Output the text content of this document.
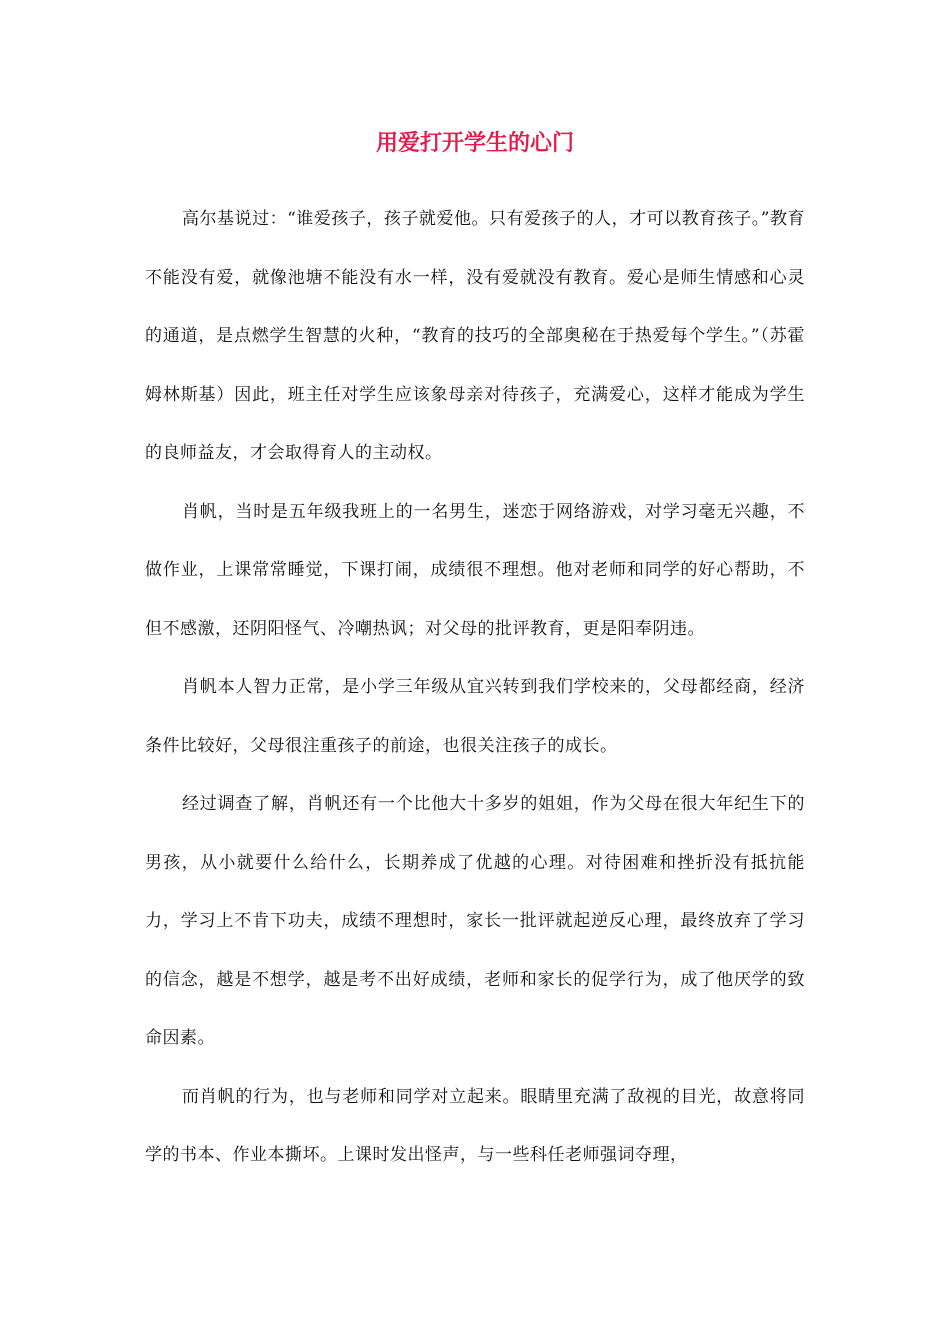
用爱打开学生的心门

高尔基说过：“谁爱孩子，孩子就爱他。只有爱孩子的人，才可以教育孩子。”教育不能没有爱，就像池塘不能没有水一样，没有爱就没有教育。爱心是师生情感和心灵的通道，是点燃学生智慧的火种，“教育的技巧的全部奥秘在于热爱每个学生。”（苏霍姆林斯基）因此，班主任对学生应该象母亲对待孩子，充满爱心，这样才能成为学生的良师益友，才会取得育人的主动权。

肖帆，当时是五年级我班上的一名男生，迷恋于网络游戏，对学习毫无兴趣，不做作业，上课常常睡觉，下课打闹，成绩很不理想。他对老师和同学的好心帮助，不但不感激，还阴阳怪气、冷嘲热讽；对父母的批评教育，更是阳奉阴违。

肖帆本人智力正常，是小学三年级从宜兴转到我们学校来的，父母都经商，经济条件比较好，父母很注重孩子的前途，也很关注孩子的成长。

经过调查了解，肖帆还有一个比他大十多岁的姐姐，作为父母在很大年纪生下的男孩，从小就要什么给什么，长期养成了优越的心理。对待困难和挫折没有抵抗能力，学习上不肯下功夫，成绩不理想时，家长一批评就起逆反心理，最终放弃了学习的信念，越是不想学，越是考不出好成绩，老师和家长的促学行为，成了他厌学的致命因素。

而肖帆的行为，也与老师和同学对立起来。眼睛里充满了敌视的目光，故意将同学的书本、作业本撕坏。上课时发出怪声，与一些科任老师强词夺理，
